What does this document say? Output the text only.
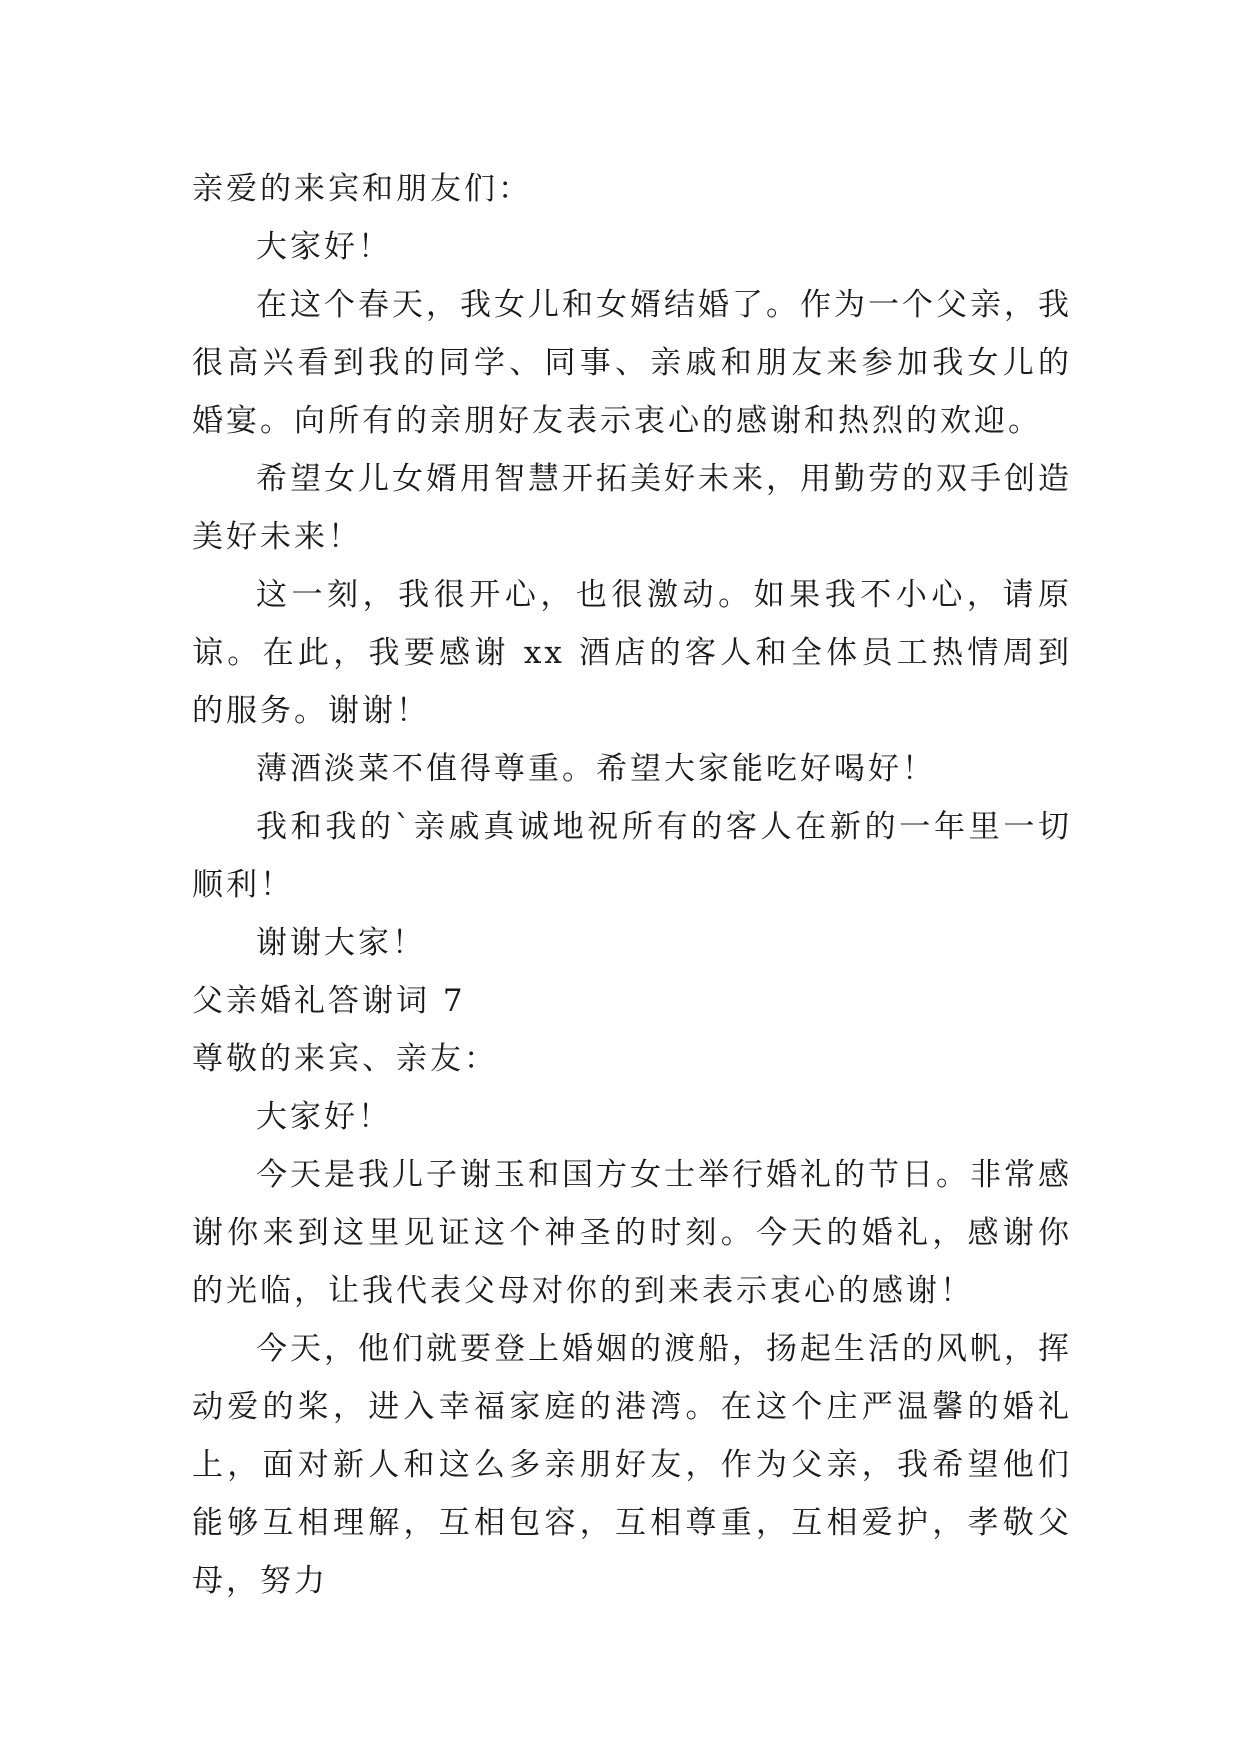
亲爱的来宾和朋友们：

大家好！

在这个春天，我女儿和女婿结婚了。作为一个父亲，我很高兴看到我的同学、同事、亲戚和朋友来参加我女儿的婚宴。向所有的亲朋好友表示衷心的感谢和热烈的欢迎。

希望女儿女婿用智慧开拓美好未来，用勤劳的双手创造美好未来！

这一刻，我很开心，也很激动。如果我不小心，请原谅。在此，我要感谢 xx 酒店的客人和全体员工热情周到的服务。谢谢！

薄酒淡菜不值得尊重。希望大家能吃好喝好！

我和我的`亲戚真诚地祝所有的客人在新的一年里一切顺利！

谢谢大家！

父亲婚礼答谢词 7

尊敬的来宾、亲友：

大家好！

今天是我儿子谢玉和国方女士举行婚礼的节日。非常感谢你来到这里见证这个神圣的时刻。今天的婚礼，感谢你的光临，让我代表父母对你的到来表示衷心的感谢！

今天，他们就要登上婚姻的渡船，扬起生活的风帆，挥动爱的桨，进入幸福家庭的港湾。在这个庄严温馨的婚礼上，面对新人和这么多亲朋好友，作为父亲，我希望他们能够互相理解，互相包容，互相尊重，互相爱护，孝敬父母，努力
